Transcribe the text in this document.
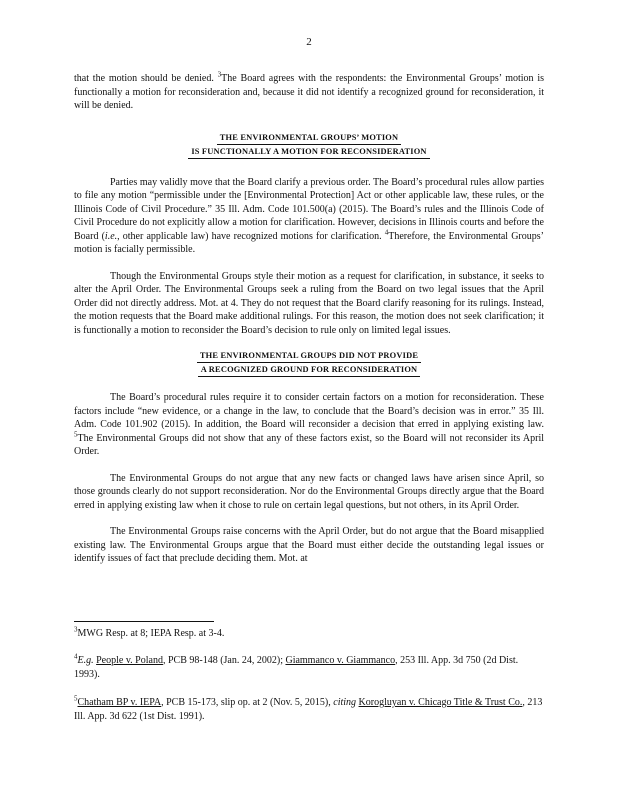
2

that the motion should be denied. $^3$The Board agrees with the respondents: the Environmental Groups’ motion is functionally a motion for reconsideration and, because it did not identify a recognized ground for reconsideration, it will be denied.

THE ENVIRONMENTAL GROUPS’ MOTION
IS FUNCTIONALLY A MOTION FOR RECONSIDERATION

Parties may validly move that the Board clarify a previous order. The Board’s procedural rules allow parties to file any motion “permissible under the [Environmental Protection] Act or other applicable law, these rules, or the Illinois Code of Civil Procedure.” 35 Ill. Adm. Code 101.500(a) (2015). The Board’s rules and the Illinois Code of Civil Procedure do not explicitly allow a motion for clarification. However, decisions in Illinois courts and before the Board (i.e., other applicable law) have recognized motions for clarification. $^4$Therefore, the Environmental Groups’ motion is facially permissible.

Though the Environmental Groups style their motion as a request for clarification, in substance, it seeks to alter the April Order. The Environmental Groups seek a ruling from the Board on two legal issues that the April Order did not directly address. Mot. at 4. They do not request that the Board clarify reasoning for its rulings. Instead, the motion requests that the Board make additional rulings. For this reason, the motion does not seek clarification; it is functionally a motion to reconsider the Board’s decision to rule only on limited legal issues.

THE ENVIRONMENTAL GROUPS DID NOT PROVIDE
A RECOGNIZED GROUND FOR RECONSIDERATION

The Board’s procedural rules require it to consider certain factors on a motion for reconsideration. These factors include “new evidence, or a change in the law, to conclude that the Board’s decision was in error.” 35 Ill. Adm. Code 101.902 (2015). In addition, the Board will reconsider a decision that erred in applying existing law. $^5$The Environmental Groups did not show that any of these factors exist, so the Board will not reconsider its April Order.

The Environmental Groups do not argue that any new facts or changed laws have arisen since April, so those grounds clearly do not support reconsideration. Nor do the Environmental Groups directly argue that the Board erred in applying existing law when it chose to rule on certain legal questions, but not others, in its April Order.

The Environmental Groups raise concerns with the April Order, but do not argue that the Board misapplied existing law. The Environmental Groups argue that the Board must either decide the outstanding legal issues or identify issues of fact that preclude deciding them. Mot. at

$^3$MWG Resp. at 8; IEPA Resp. at 3-4.
$^4$E.g. People v. Poland, PCB 98-148 (Jan. 24, 2002); Giammanco v. Giammanco, 253 Ill. App. 3d 750 (2d Dist. 1993).
$^5$Chatham BP v. IEPA, PCB 15-173, slip op. at 2 (Nov. 5, 2015), citing Korogluyan v. Chicago Title & Trust Co., 213 Ill. App. 3d 622 (1st Dist. 1991).
